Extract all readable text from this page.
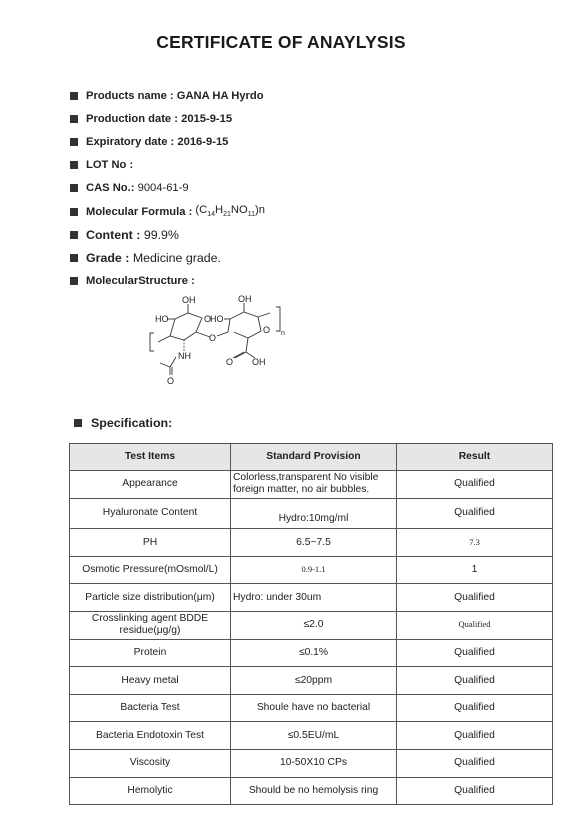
CERTIFICATE OF ANAYLYSIS
Products name : GANA HA Hyrdo
Production date : 2015-9-15
Expiratory date : 2016-9-15
LOT No :
CAS No.: 9004-61-9
Molecular Formula : $(C_{14}H_{21}NO_{11})n$
Content : 99.9%
Grade : Medicine grade.
MolecularStructure :
OH
HO	O
O
OH
HO
O n
NH
O
O OH
Specification:
Test Items	Standard Provision	Result
Appearance	Colorless,transparent No visible foreign matter, no air bubbles.	Qualified
Hyaluronate Content	Hydro:10mg/ml	Qualified
PH	6.5~7.5	7.3
Osmotic Pressure(mOsmol/L)	0.9-1.1	1
Particle size distribution(μm)	Hydro: under 30um	Qualified
Crosslinking agent BDDE residue(μg/g)	≤2.0	Qualified
Protein	≤0.1%	Qualified
Heavy metal	≤20ppm	Qualified
Bacteria Test	Shoule have no bacterial	Qualified
Bacteria Endotoxin Test	≤0.5EU/mL	Qualified
Viscosity	10-50X10 CPs	Qualified
Hemolytic	Should be no hemolysis ring	Qualified
